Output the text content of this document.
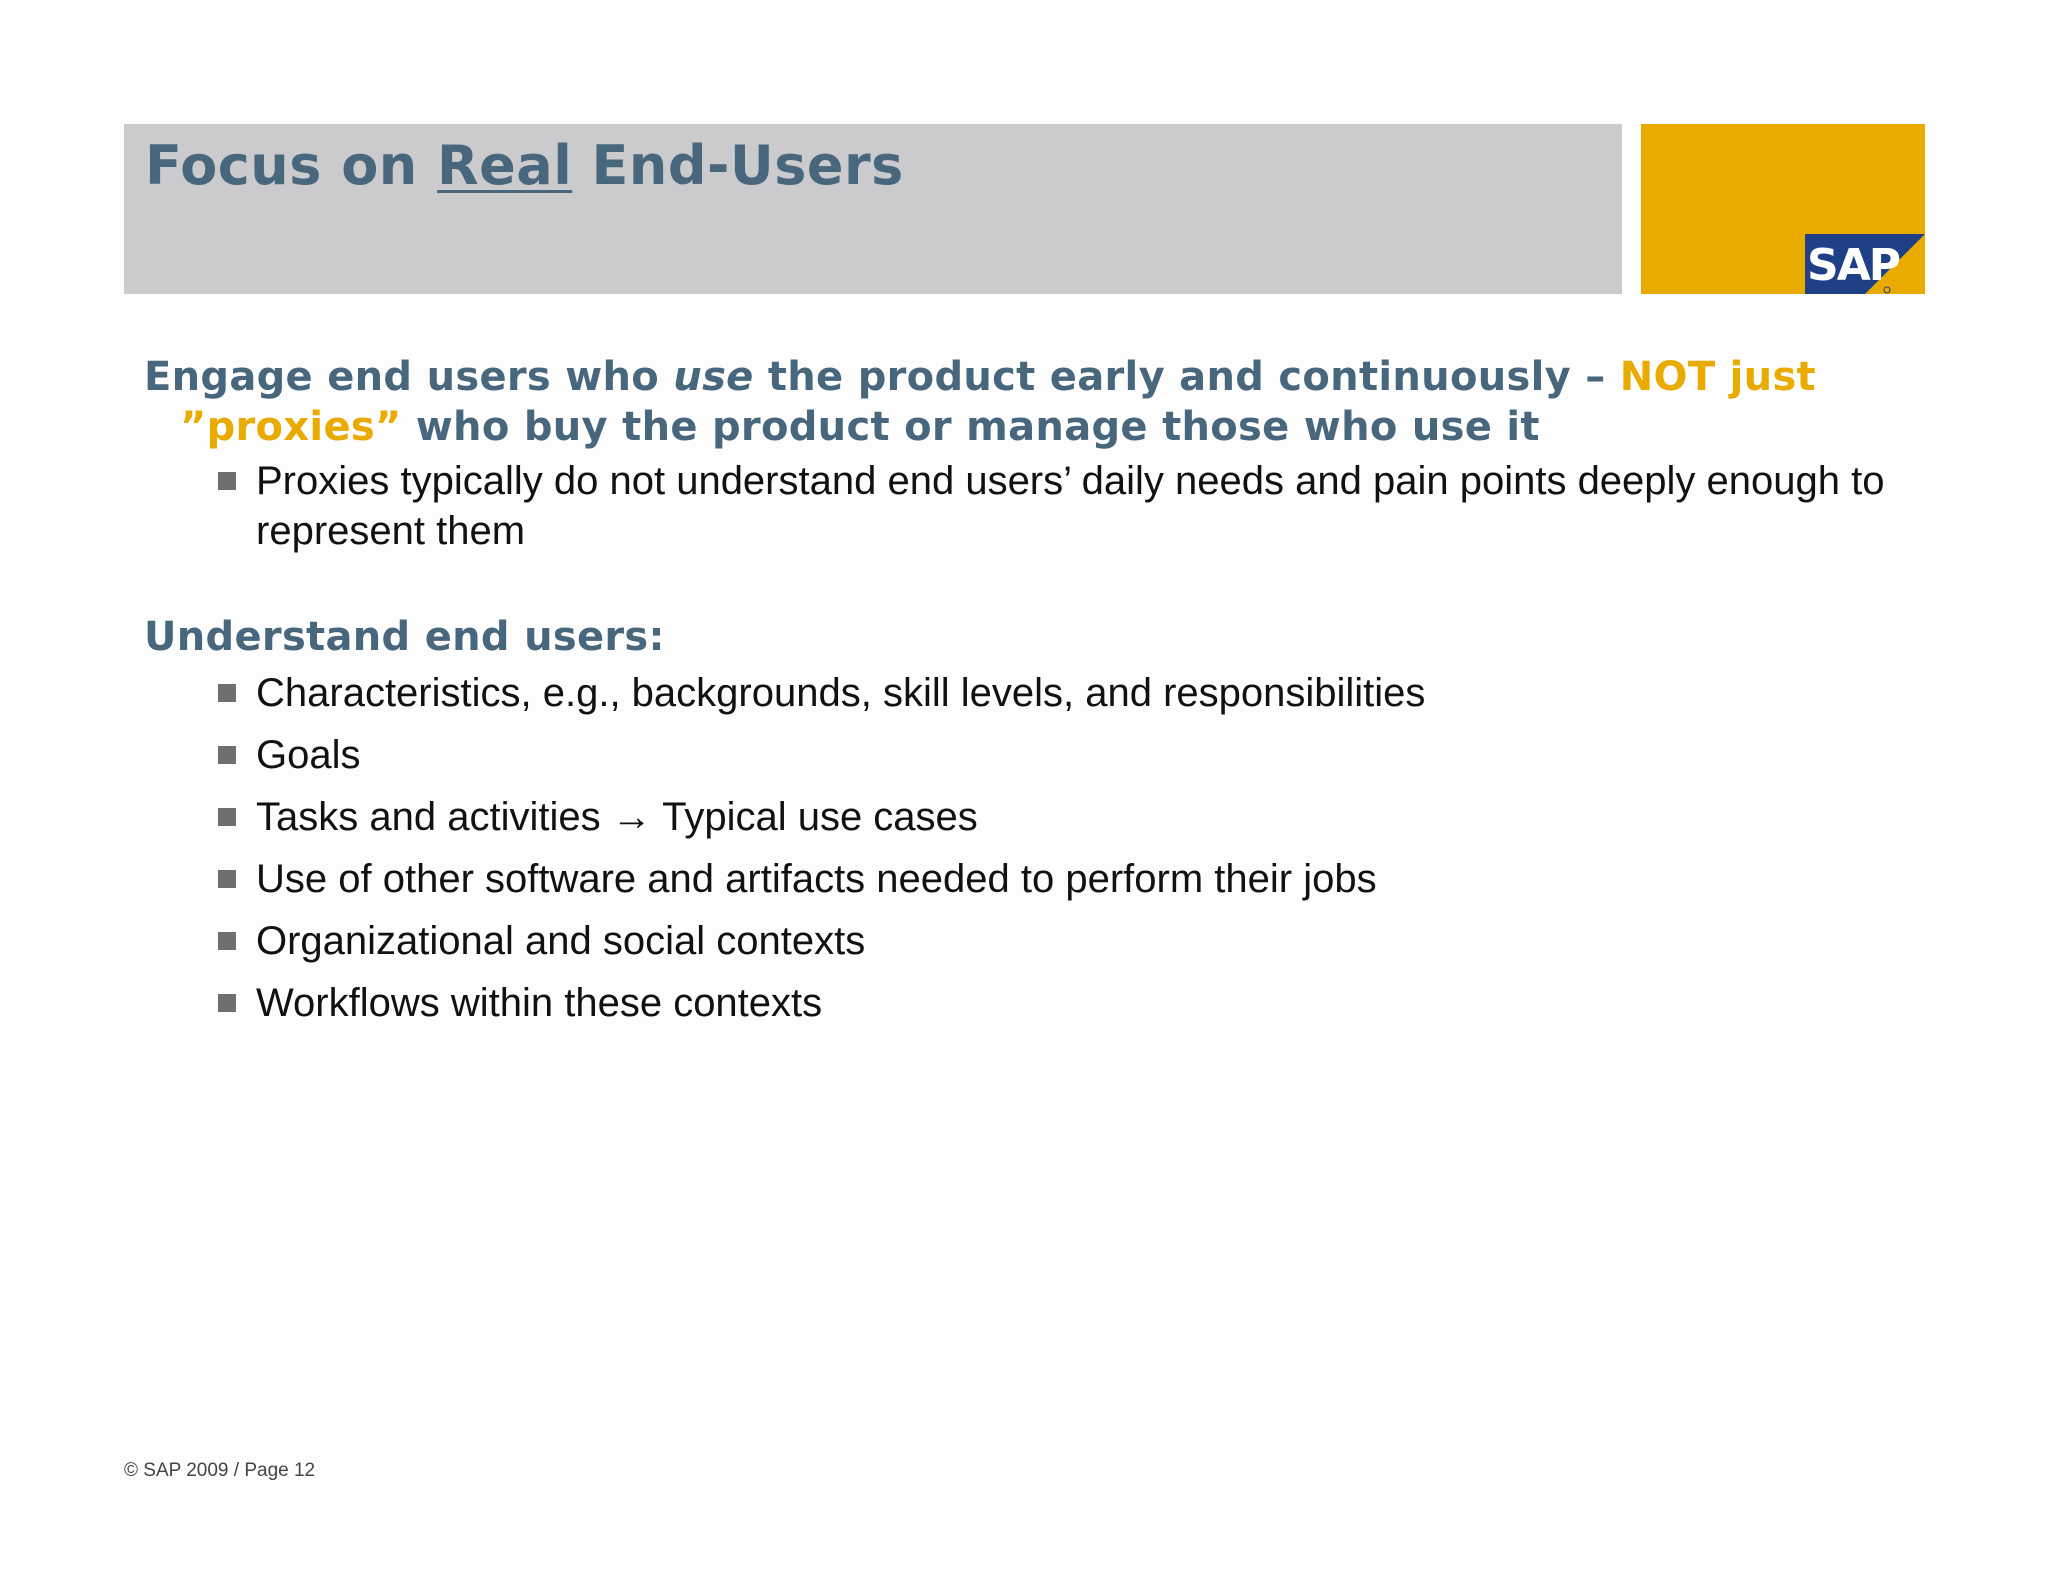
Focus on Real End-Users
SAP

Engage end users who use the product early and continuously – NOT just
”proxies” who buy the product or manage those who use it

Proxies typically do not understand end users’ daily needs and pain points deeply enough to represent them

Understand end users:

Characteristics, e.g., backgrounds, skill levels, and responsibilities
Goals
Tasks and activities → Typical use cases
Use of other software and artifacts needed to perform their jobs
Organizational and social contexts
Workflows within these contexts
© SAP 2009 / Page 12
